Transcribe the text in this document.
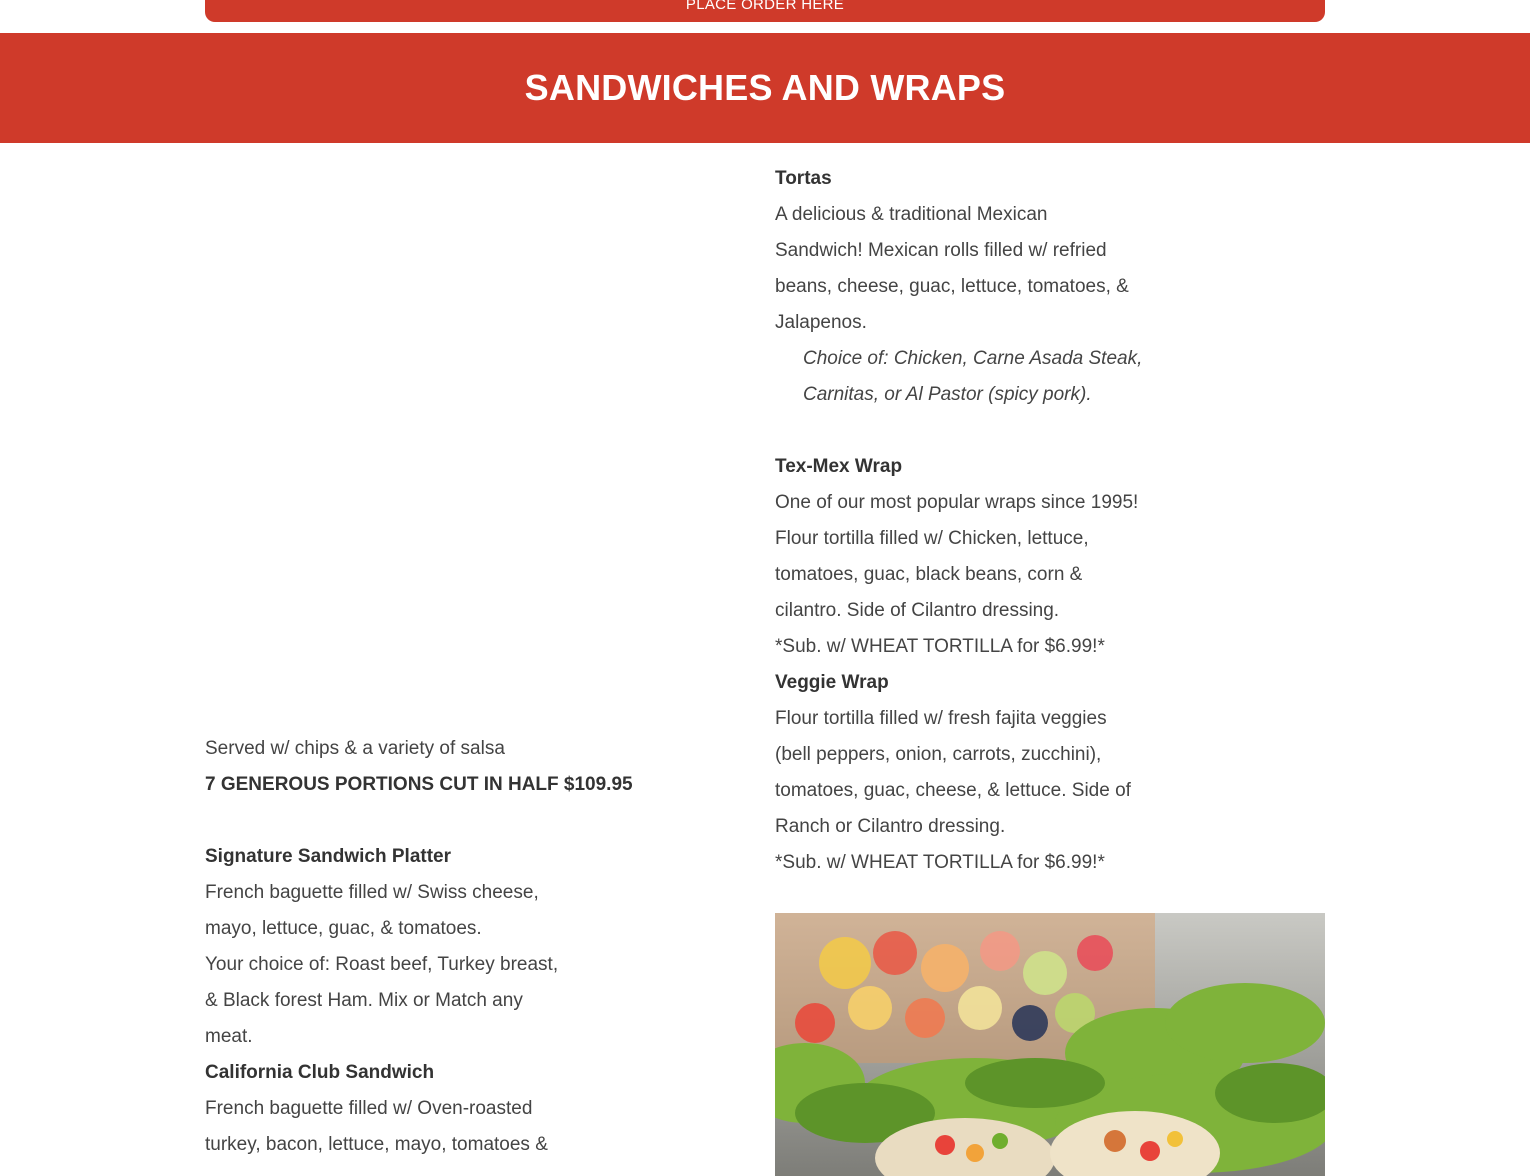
PLACE ORDER HERE
SANDWICHES AND WRAPS
Served w/ chips & a variety of salsa
7 GENEROUS PORTIONS CUT IN HALF $109.95
Signature Sandwich Platter
French baguette filled w/ Swiss cheese,
mayo, lettuce, guac, & tomatoes.
Your choice of: Roast beef, Turkey breast,
& Black forest Ham. Mix or Match any
meat.
California Club Sandwich
French baguette filled w/ Oven-roasted
turkey, bacon, lettuce, mayo, tomatoes &
Tortas
A delicious & traditional Mexican
Sandwich! Mexican rolls filled w/ refried
beans, cheese, guac, lettuce, tomatoes, &
Jalapenos.
Choice of: Chicken, Carne Asada Steak,
Carnitas, or Al Pastor (spicy pork).
Tex-Mex Wrap
One of our most popular wraps since 1995!
Flour tortilla filled w/ Chicken, lettuce,
tomatoes, guac, black beans, corn &
cilantro. Side of Cilantro dressing.
*Sub. w/ WHEAT TORTILLA for $6.99!*
Veggie Wrap
Flour tortilla filled w/ fresh fajita veggies
(bell peppers, onion, carrots, zucchini),
tomatoes, guac, cheese, & lettuce. Side of
Ranch or Cilantro dressing.
*Sub. w/ WHEAT TORTILLA for $6.99!*
